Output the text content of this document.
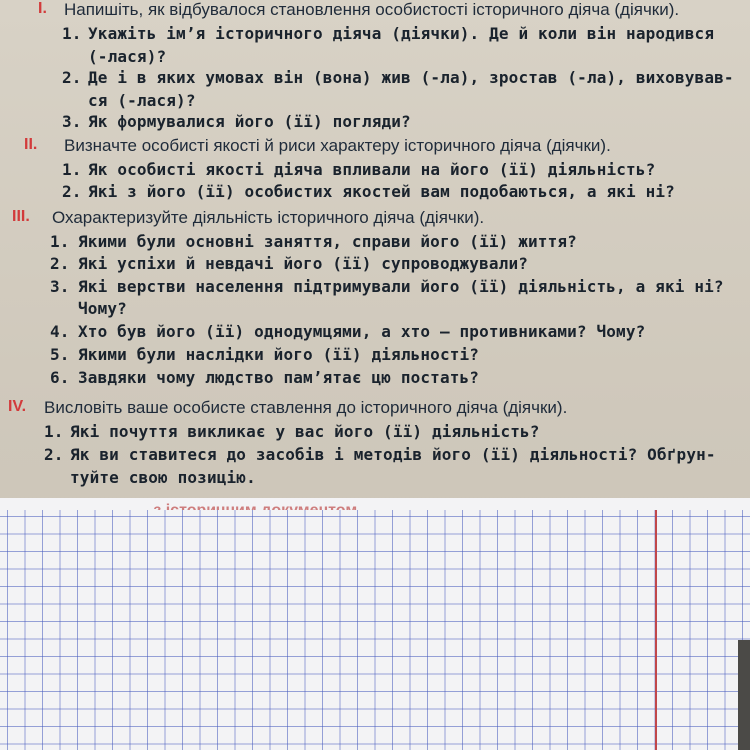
I. Напишіть, як відбувалося становлення особистості історичного діяча (діячки).
1. Укажіть ім’я історичного діяча (діячки). Де й коли він народився
(-лася)?
2. Де і в яких умовах він (вона) жив (-ла), зростав (-ла), виховував-
ся (-лася)?
3. Як формувалися його (її) погляди?
II. Визначте особисті якості й риси характеру історичного діяча (діячки).
1. Як особисті якості діяча впливали на його (її) діяльність?
2. Які з його (її) особистих якостей вам подобаються, а які ні?
III. Охарактеризуйте діяльність історичного діяча (діячки).
1. Якими були основні заняття, справи його (її) життя?
2. Які успіхи й невдачі його (її) супроводжували?
3. Які верстви населення підтримували його (її) діяльність, а які ні?
Чому?
4. Хто був його (її) однодумцями, а хто — противниками? Чому?
5. Якими були наслідки його (її) діяльності?
6. Завдяки чому людство пам’ятає цю постать?
IV. Висловіть ваше особисте ставлення до історичного діяча (діячки).
1. Які почуття викликає у вас його (її) діяльність?
2. Як ви ставитеся до засобів і методів його (її) діяльності? Обґрун-
туйте свою позицію.
